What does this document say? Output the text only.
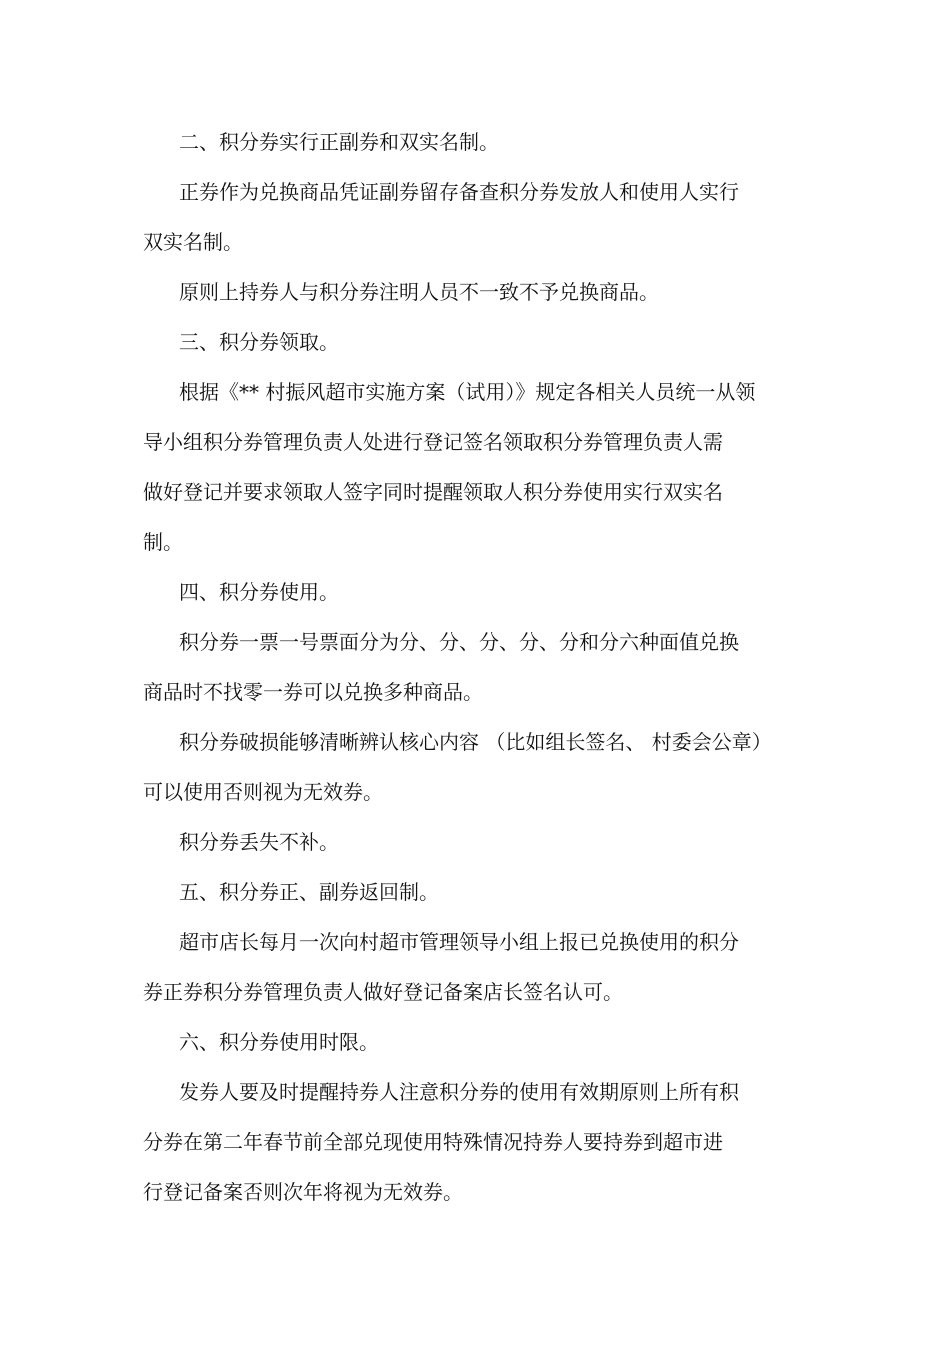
二、积分券实行正副券和双实名制。
正券作为兑换商品凭证副券留存备查积分券发放人和使用人实行
双实名制。
原则上持券人与积分券注明人员不一致不予兑换商品。
三、积分券领取。
根据《** 村振风超市实施方案（试用）》规定各相关人员统一从领
导小组积分券管理负责人处进行登记签名领取积分券管理负责人需
做好登记并要求领取人签字同时提醒领取人积分券使用实行双实名
制。
四、积分券使用。
积分券一票一号票面分为分、分、分、分、分和分六种面值兑换
商品时不找零一券可以兑换多种商品。
积分券破损能够清晰辨认核心内容 （比如组长签名、 村委会公章）
可以使用否则视为无效券。
积分券丢失不补。
五、积分券正、副券返回制。
超市店长每月一次向村超市管理领导小组上报已兑换使用的积分
券正券积分券管理负责人做好登记备案店长签名认可。
六、积分券使用时限。
发券人要及时提醒持券人注意积分券的使用有效期原则上所有积
分券在第二年春节前全部兑现使用特殊情况持券人要持券到超市进
行登记备案否则次年将视为无效券。
